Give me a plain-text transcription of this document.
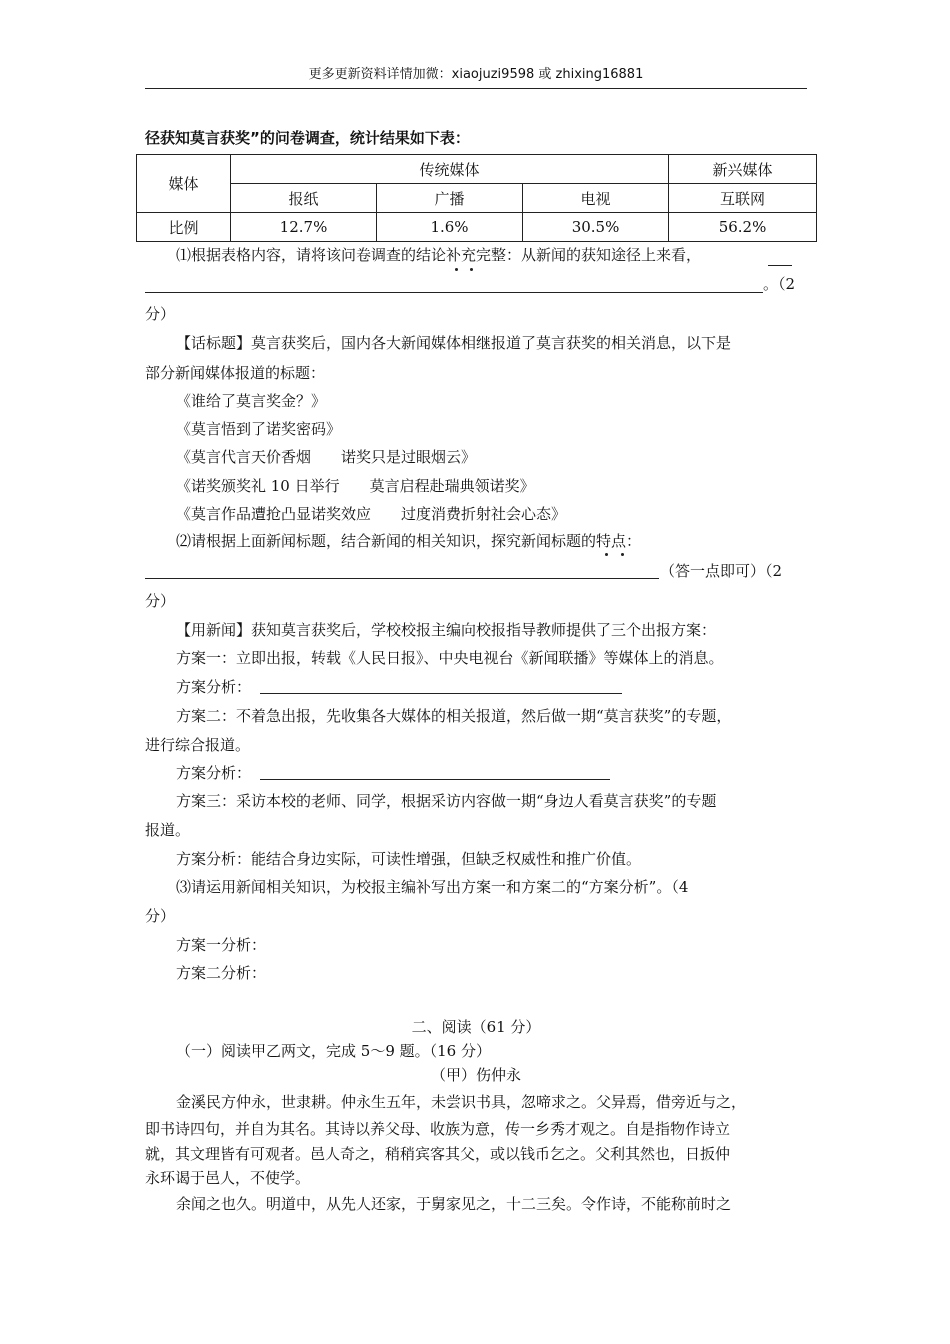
更多更新资料详情加微：xiaojuzi9598 或 zhixing16881
径获知莫言获奖”的问卷调查，统计结果如下表：
媒体	传统媒体			新兴媒体
	报纸	广播	电视	互联网
比例	12.7%	1.6%	30.5%	56.2%
⑴根据表格内容，请将该问卷调查的结论补充完整：从新闻的获知途径上来看，
。（2
分）
【话标题】莫言获奖后，国内各大新闻媒体相继报道了莫言获奖的相关消息，以下是
部分新闻媒体报道的标题：
《谁给了莫言奖金？》
《莫言悟到了诺奖密码》
《莫言代言天价香烟　　诺奖只是过眼烟云》
《诺奖颁奖礼 10 日举行　　莫言启程赴瑞典领诺奖》
《莫言作品遭抢凸显诺奖效应　　过度消费折射社会心态》
⑵请根据上面新闻标题，结合新闻的相关知识，探究新闻标题的特点：
（答一点即可）（2
分）
【用新闻】获知莫言获奖后，学校校报主编向校报指导教师提供了三个出报方案：
方案一：立即出报，转载《人民日报》、中央电视台《新闻联播》等媒体上的消息。
方案分析：
方案二：不着急出报，先收集各大媒体的相关报道，然后做一期“莫言获奖”的专题，
进行综合报道。
方案分析：
方案三：采访本校的老师、同学，根据采访内容做一期“身边人看莫言获奖”的专题
报道。
方案分析：能结合身边实际，可读性增强，但缺乏权威性和推广价值。
⑶请运用新闻相关知识，为校报主编补写出方案一和方案二的“方案分析”。（4
分）
方案一分析：
方案二分析：
二、阅读（61 分）
（一）阅读甲乙两文，完成 5～9 题。（16 分）
（甲）伤仲永
金溪民方仲永，世隶耕。仲永生五年，未尝识书具，忽啼求之。父异焉，借旁近与之，
即书诗四句，并自为其名。其诗以养父母、收族为意，传一乡秀才观之。自是指物作诗立
就，其文理皆有可观者。邑人奇之，稍稍宾客其父，或以钱币乞之。父利其然也，日扳仲
永环谒于邑人，不使学。
余闻之也久。明道中，从先人还家，于舅家见之，十二三矣。令作诗，不能称前时之
